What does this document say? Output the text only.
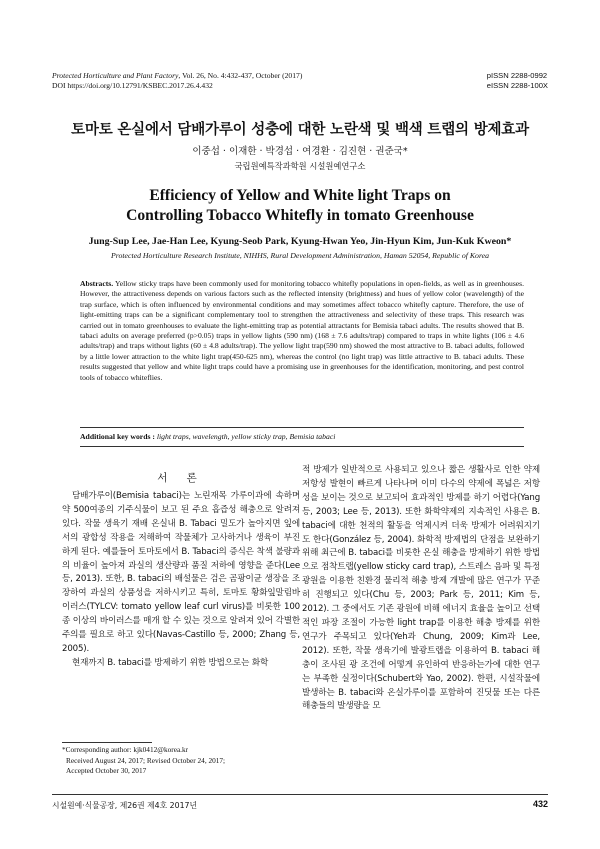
Protected Horticulture and Plant Factory, Vol. 26, No. 4:432-437, October (2017)
DOI https://doi.org/10.12791/KSBEC.2017.26.4.432
pISSN 2288-0992
eISSN 2288-100X
토마토 온실에서 담배가루이 성충에 대한 노란색 및 백색 트랩의 방제효과
이중섭 · 이재한 · 박경섭 · 여경환 · 김진현 · 권준국*
국립원예특작과학원 시설원예연구소
Efficiency of Yellow and White light Traps on
Controlling Tobacco Whitefly in tomato Greenhouse
Jung-Sup Lee, Jae-Han Lee, Kyung-Seob Park, Kyung-Hwan Yeo, Jin-Hyun Kim, Jun-Kuk Kweon*
Protected Horticulture Research Institute, NIHHS, Rural Development Administration, Haman 52054, Republic of Korea
Abstracts. Yellow sticky traps have been commonly used for monitoring tobacco whitefly populations in open-fields, as well as in greenhouses. However, the attractiveness depends on various factors such as the reflected intensity (brightness) and hues of yellow color (wavelength) of the trap surface, which is often influenced by environmental conditions and may sometimes affect tobacco whitefly capture. Therefore, the use of light-emitting traps can be a significant complementary tool to strengthen the attractiveness and selectivity of these traps. This research was carried out in tomato greenhouses to evaluate the light-emitting trap as potential attractants for Bemisia tabaci adults. The results showed that B. tabaci adults on average preferred (p>0.05) traps in yellow lights (590 nm) (168 ± 7.6 adults/trap) compared to traps in white lights (106 ± 4.6 adults/trap) and traps without lights (60 ± 4.8 adults/trap). The yellow light trap(590 nm) showed the most attractive to B. tabaci adults, followed by a little lower attraction to the white light trap(450-625 nm), whereas the control (no light trap) was little attractive to B. tabaci adults. These results suggested that yellow and white light traps could have a promising use in greenhouses for the identification, monitoring, and pest control tools of tobacco whiteflies.
Additional key words : light traps, wavelength, yellow sticky trap, Bemisia tabaci
서 론

담배가루이(Bemisia tabaci)는 노린재목 가루이과에 속하며 약 500여종의 기주식물이 보고 된 주요 흡즙성 해충으로 알려져 있다. 작물 생육기 재배 온실내 B. Tabaci 밀도가 높아지면 잎에서의 광합성 작용을 저해하여 작물체가 고사하거나 생육이 부진하게 된다. 예를들어 토마토에서 B. Tabaci의 증식은 착색 불량과의 비율이 높아져 과실의 생산량과 품질 저하에 영향을 준다(Lee 등, 2013). 또한, B. tabaci의 배설물은 검은 곰팡이균 생장을 조장하여 과실의 상품성을 저하시키고 특히, 토마토 황화잎말림바이러스(TYLCV: tomato yellow leaf curl virus)를 비롯한 100종 이상의 바이러스를 매개 할 수 있는 것으로 알려져 있어 각별한 주의를 필요로 하고 있다(Navas-Castillo 등, 2000; Zhang 등, 2005).

현재까지 B. tabaci를 방제하기 위한 방법으로는 화학

적 방제가 일반적으로 사용되고 있으나 짧은 생활사로 인한 약제 저항성 발현이 빠르게 나타나며 이미 다수의 약제에 폭넓은 저항성을 보이는 것으로 보고되어 효과적인 방제를 하기 어렵다(Yang 등, 2003; Lee 등, 2013). 또한 화학약제의 지속적인 사용은 B. tabaci에 대한 천적의 활동을 억제시켜 더욱 방제가 어려워지기도 한다(González 등, 2004). 화학적 방제법의 단점을 보완하기 위해 최근에 B. tabaci를 비롯한 온실 해충을 방제하기 위한 방법으로 점착트랩(yellow sticky card trap), 스트레스 음파 및 특정 광원을 이용한 친환경 물리적 해충 방제 개발에 많은 연구가 꾸준히 진행되고 있다(Chu 등, 2003; Park 등, 2011; Kim 등, 2012). 그 중에서도 기존 광원에 비해 에너지 효율을 높이고 선택적인 파장 조절이 가능한 light trap를 이용한 해충 방제를 위한 연구가 주목되고 있다(Yeh과 Chung, 2009; Kim과 Lee, 2012). 또한, 작물 생육기에 발광트랩을 이용하여 B. tabaci 해충이 조사된 광 조건에 어떻게 유인하여 반응하는가에 대한 연구는 부족한 실정이다(Schubert와 Yao, 2002). 한편, 시설작물에 발생하는 B. tabaci와 온실가루이를 포함하여 진딧물 또는 다른 해충들의 발생량을 모

*Corresponding author: kjk0412@korea.kr
Received August 24, 2017; Revised October 24, 2017;
Accepted October 30, 2017
시설원예·식물공장, 제26권 제4호 2017년	432
